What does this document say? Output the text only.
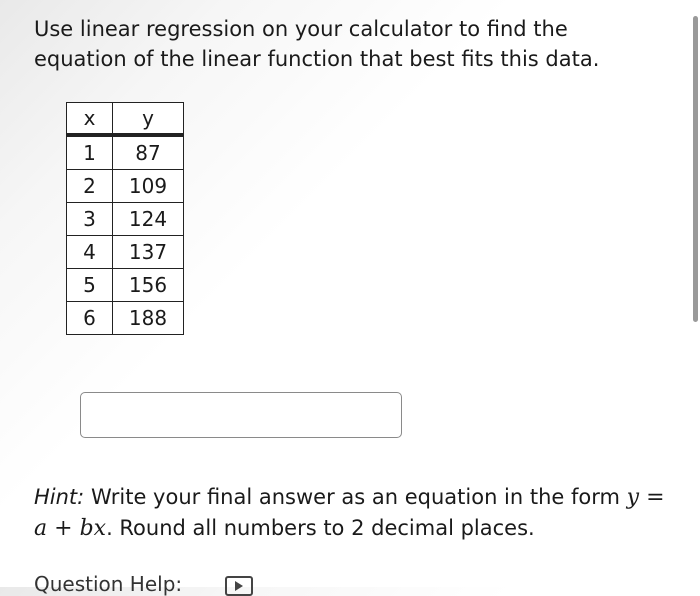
Use linear regression on your calculator to find the equation of the linear function that best fits this data.

x	y
1	87
2	109
3	124
4	137
5	156
6	188

Hint: Write your final answer as an equation in the form y = a + bx. Round all numbers to 2 decimal places.

Question Help:
